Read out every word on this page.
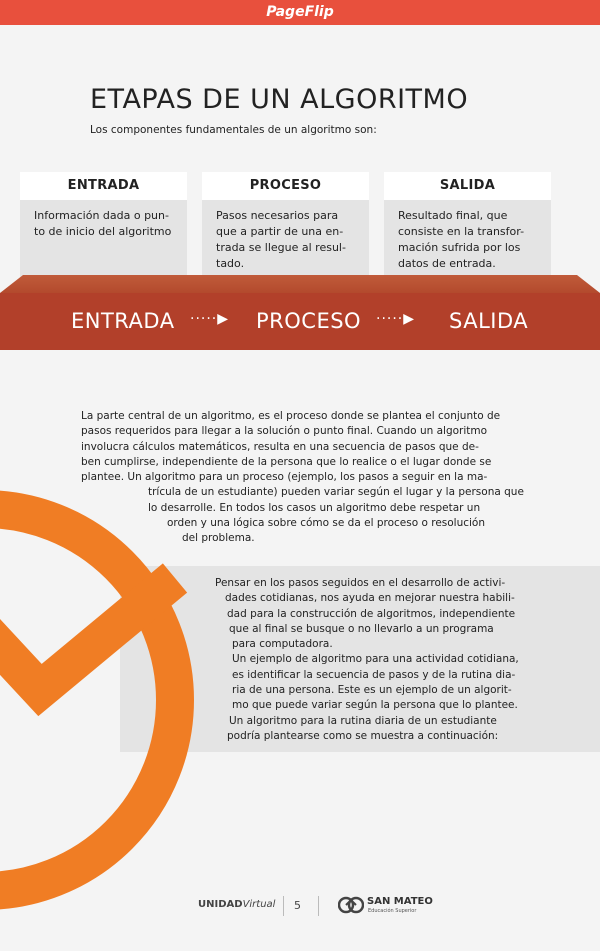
PageFlip
ETAPAS DE UN ALGORITMO
Los componentes fundamentales de un algoritmo son:
ENTRADA
Información dada o pun-
to de inicio del algoritmo
PROCESO
Pasos necesarios para
que a partir de una en-
trada se llegue al resul-
tado.
SALIDA
Resultado final, que
consiste en la transfor-
mación sufrida por los
datos de entrada.
ENTRADA ·····▶ PROCESO ·····▶ SALIDA
La parte central de un algoritmo, es el proceso donde se plantea el conjunto de
pasos requeridos para llegar a la solución o punto final. Cuando un algoritmo
involucra cálculos matemáticos, resulta en una secuencia de pasos que de-
ben cumplirse, independiente de la persona que lo realice o el lugar donde se
plantee. Un algoritmo para un proceso (ejemplo, los pasos a seguir en la ma-
trícula de un estudiante) pueden variar según el lugar y la persona que
lo desarrolle. En todos los casos un algoritmo debe respetar un
orden y una lógica sobre cómo se da el proceso o resolución
del problema.
Pensar en los pasos seguidos en el desarrollo de activi-
dades cotidianas, nos ayuda en mejorar nuestra habili-
dad para la construcción de algoritmos, independiente
que al final se busque o no llevarlo a un programa
para computadora.
Un ejemplo de algoritmo para una actividad cotidiana,
es identificar la secuencia de pasos y de la rutina dia-
ria de una persona. Este es un ejemplo de un algorit-
mo que puede variar según la persona que lo plantee.
Un algoritmo para la rutina diaria de un estudiante
podría plantearse como se muestra a continuación:
UNIDADVirtual 5	SAN MATEO
Educación Superior
